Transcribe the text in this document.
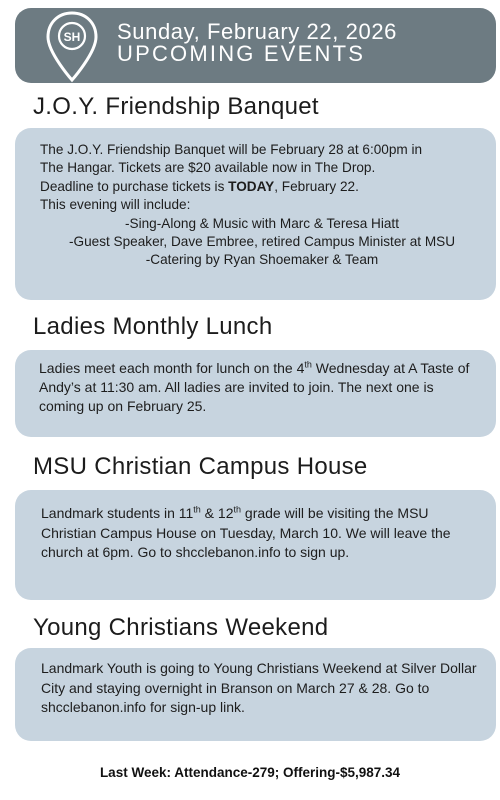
SH Sunday, February 22, 2026
UPCOMING EVENTS
J.O.Y. Friendship Banquet

The J.O.Y. Friendship Banquet will be February 28 at 6:00pm in

The Hangar. Tickets are $20 available now in The Drop.

Deadline to purchase tickets is TODAY, February 22.

This evening will include:

-Sing-Along & Music with Marc & Teresa Hiatt

-Guest Speaker, Dave Embree, retired Campus Minister at MSU

-Catering by Ryan Shoemaker & Team

Ladies Monthly Lunch

Ladies meet each month for lunch on the 4th Wednesday at A Taste of Andy’s at 11:30 am. All ladies are invited to join. The next one is coming up on February 25.

MSU Christian Campus House

Landmark students in 11th & 12th grade will be visiting the MSU Christian Campus House on Tuesday, March 10. We will leave the church at 6pm. Go to shcclebanon.info to sign up.

Young Christians Weekend

Landmark Youth is going to Young Christians Weekend at Silver Dollar City and staying overnight in Branson on March 27 & 28. Go to shcclebanon.info for sign-up link.

Last Week: Attendance-279; Offering-$5,987.34
